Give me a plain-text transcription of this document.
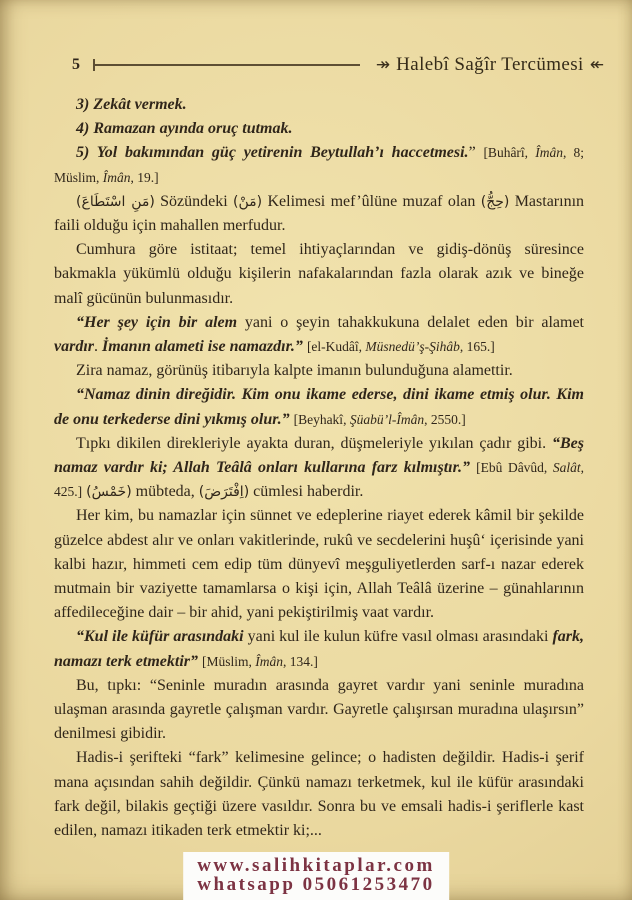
5	↠ Halebî Sağîr Tercümesi ↞

3) Zekât vermek.

4) Ramazan ayında oruç tutmak.

5) Yol bakımından güç yetirenin Beytullah’ı haccetmesi.” [Buhârî, Îmân, 8; Müslim, Îmân, 19.]

(مَنِ اسْتَطَاعَ) Sözündeki (مَنْ) Kelimesi mef’ûlüne muzaf olan (حِجُّ) Mastarının faili olduğu için mahallen merfudur.

Cumhura göre istitaat; temel ihtiyaçlarından ve gidiş-dönüş süresince bakmakla yükümlü olduğu kişilerin nafakalarından fazla olarak azık ve bineğe malî gücünün bulunmasıdır.

“Her şey için bir alem yani o şeyin tahakkukuna delalet eden bir alamet vardır. İmanın alameti ise namazdır.” [el-Kudâî, Müsnedü’ş-Şihâb, 165.]

Zira namaz, görünüş itibarıyla kalpte imanın bulunduğuna alamettir.

“Namaz dinin direğidir. Kim onu ikame ederse, dini ikame etmiş olur. Kim de onu terkederse dini yıkmış olur.” [Beyhakî, Şüabü’l-Îmân, 2550.]

Tıpkı dikilen direkleriyle ayakta duran, düşmeleriyle yıkılan çadır gibi. “Beş namaz vardır ki; Allah Teâlâ onları kullarına farz kılmıştır.” [Ebû Dâvûd, Salât, 425.] (خَمْسُ) mübteda, (اِفْتَرَضَ) cümlesi haberdir.

Her kim, bu namazlar için sünnet ve edeplerine riayet ederek kâmil bir şekilde güzelce abdest alır ve onları vakitlerinde, rukû ve secdelerini huşû‘ içerisinde yani kalbi hazır, himmeti cem edip tüm dünyevî meşguliyetlerden sarf-ı nazar ederek mutmain bir vaziyette tamamlarsa o kişi için, Allah Teâlâ üzerine – günahlarının affedileceğine dair – bir ahid, yani pekiştirilmiş vaat vardır.

“Kul ile küfür arasındaki yani kul ile kulun küfre vasıl olması arasındaki fark, namazı terk etmektir” [Müslim, Îmân, 134.]

Bu, tıpkı: “Seninle muradın arasında gayret vardır yani seninle muradına ulaşman arasında gayretle çalışman vardır. Gayretle çalışırsan muradına ulaşırsın” denilmesi gibidir.

Hadis-i şerifteki “fark” kelimesine gelince; o hadisten değildir. Hadis-i şerif mana açısından sahih değildir. Çünkü namazı terketmek, kul ile küfür arasındaki fark değil, bilakis geçtiği üzere vasıldır. Sonra bu ve emsali hadis-i şeriflerle kast edilen, namazı itikaden terk etmektir ki;...

www.salihkitaplar.com
whatsapp 05061253470
